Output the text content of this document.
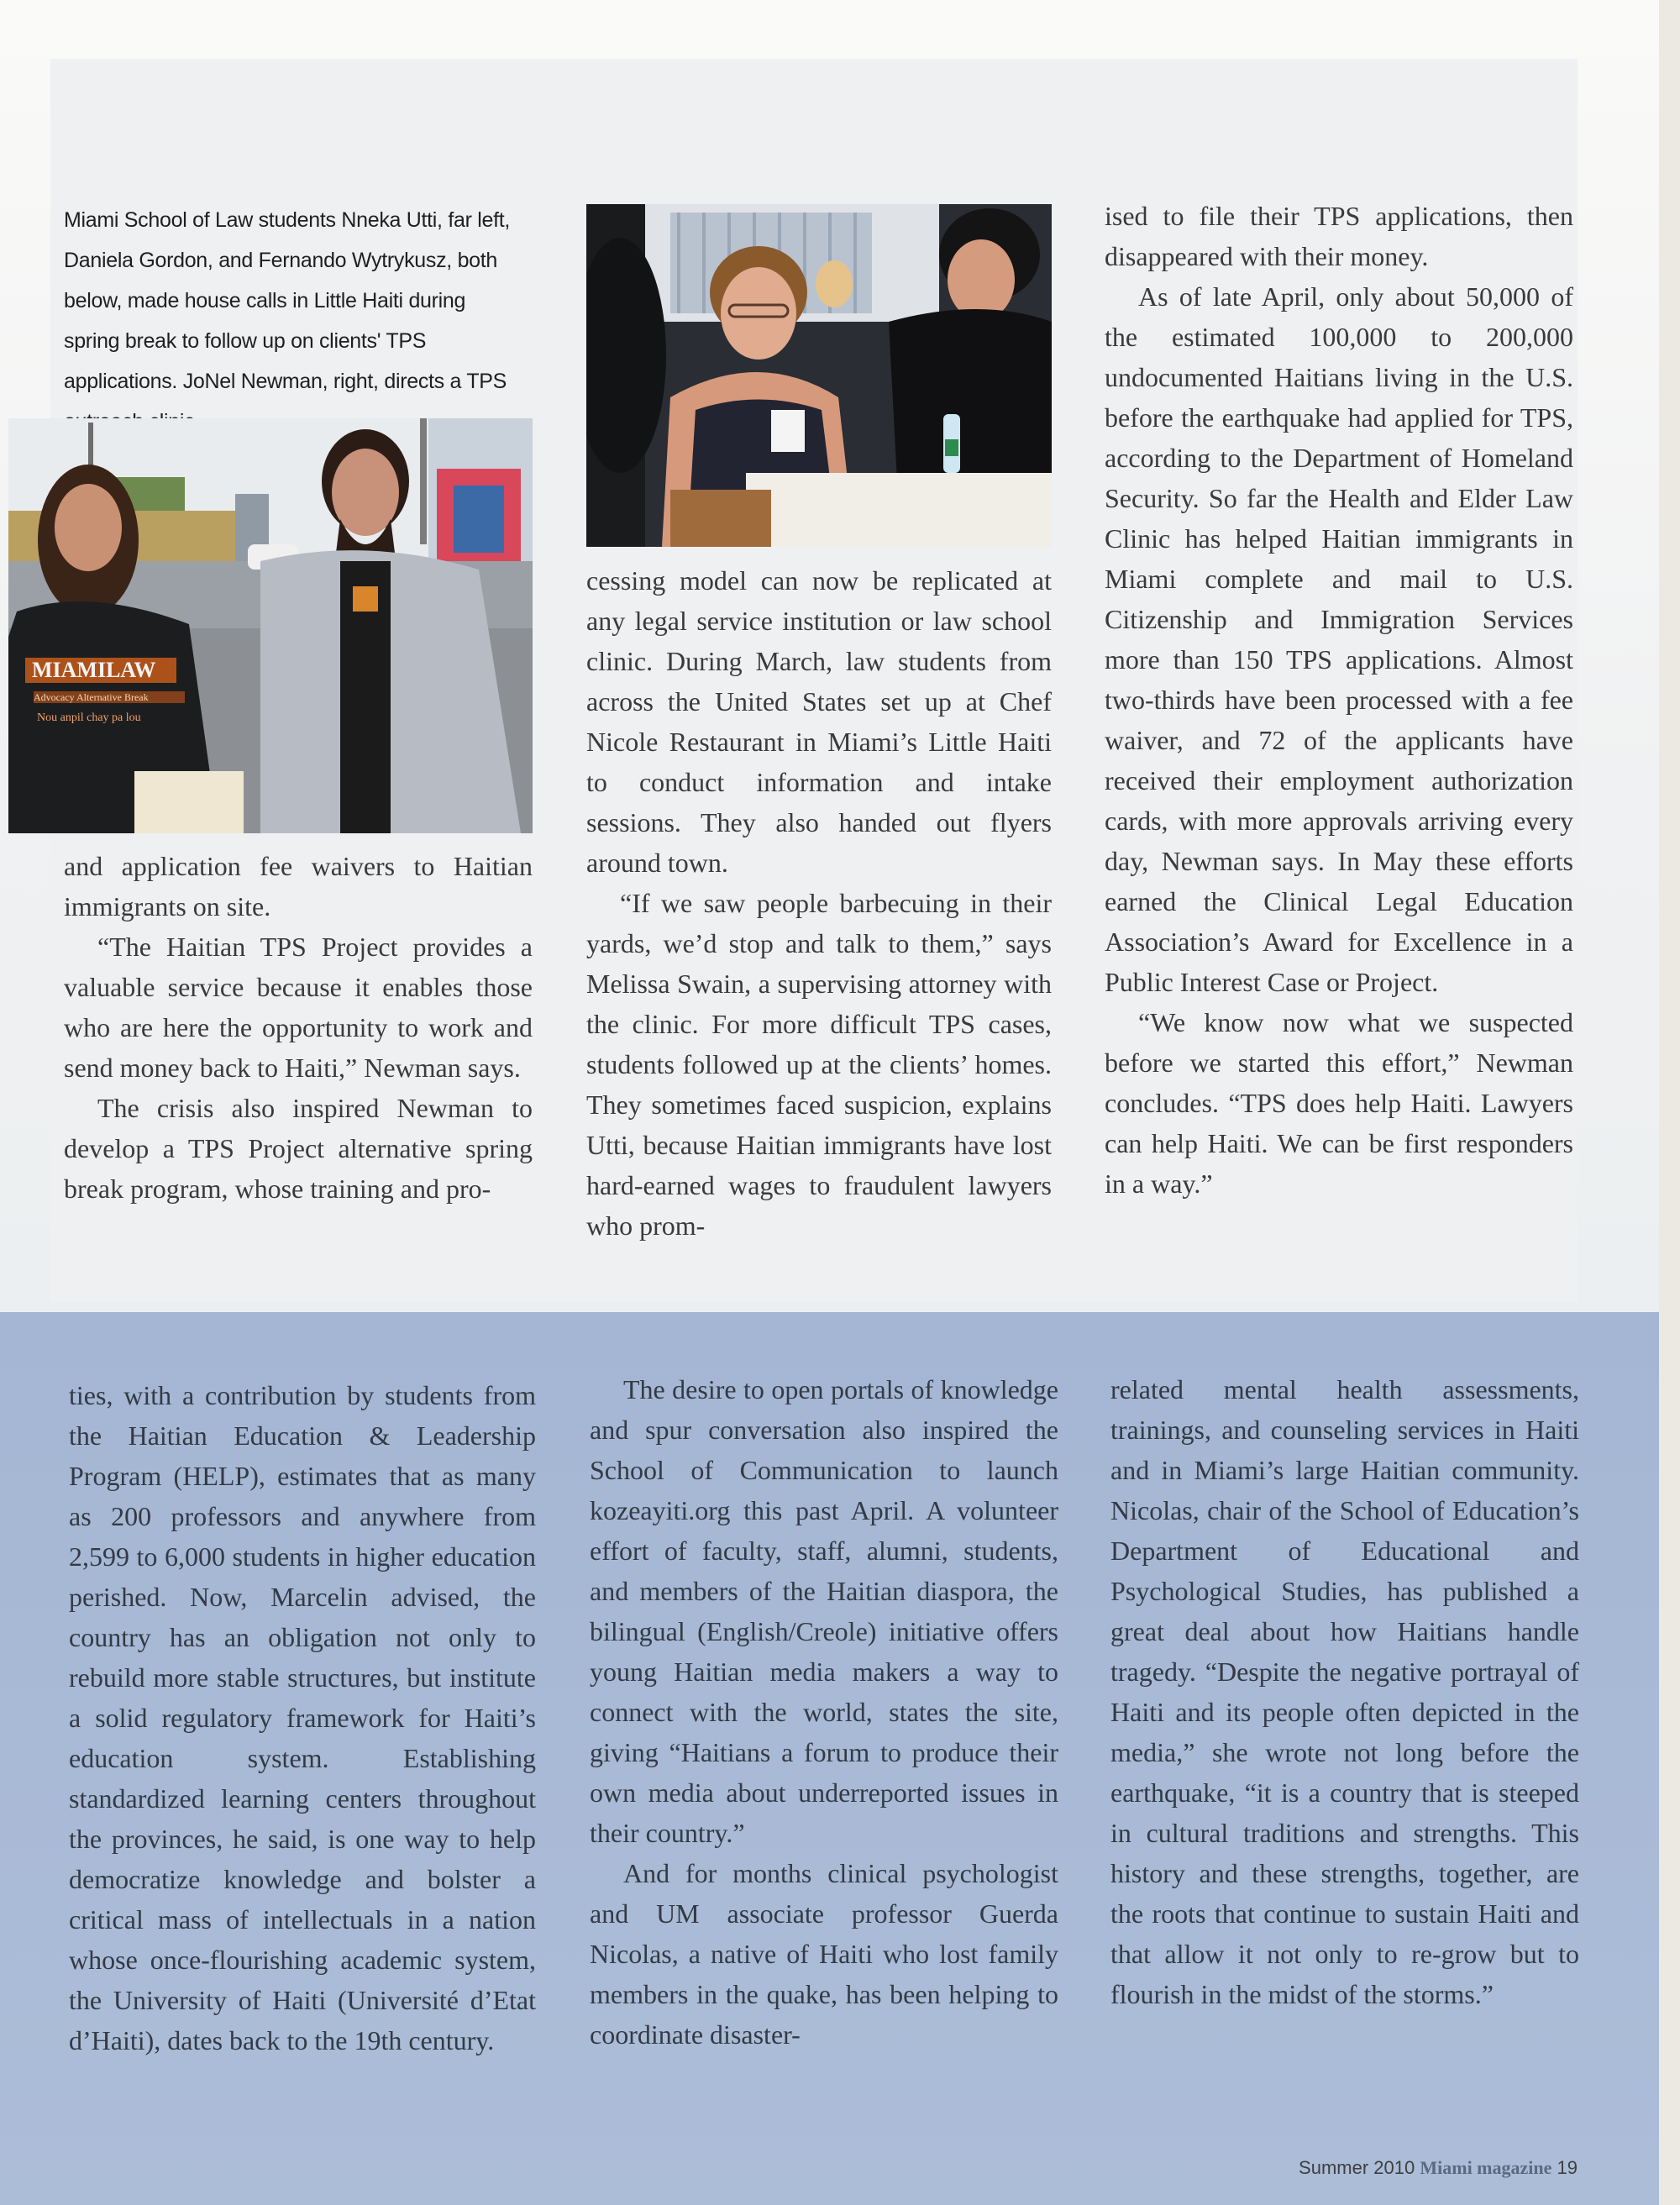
Miami School of Law students Nneka Utti, far left, Daniela Gordon, and Fernando Wytrykusz, both below, made house calls in Little Haiti during spring break to follow up on clients' TPS applications. JoNel Newman, right, directs a TPS
MIAMILAW
Advocacy Alternative Break
Nou anpil chay pa lou

and application fee waivers to Haitian immigrants on site.

“The Haitian TPS Project provides a valuable service because it enables those who are here the opportunity to work and send money back to Haiti,” Newman says.

The crisis also inspired Newman to develop a TPS Project alternative spring break program, whose training and pro-

cessing model can now be replicated at any legal service institution or law school clinic. During March, law students from across the United States set up at Chef Nicole Restaurant in Miami’s Little Haiti to conduct information and intake sessions. They also handed out flyers around town.

“If we saw people barbecuing in their yards, we’d stop and talk to them,” says Melissa Swain, a supervising attorney with the clinic. For more difficult TPS cases, students followed up at the clients’ homes. They sometimes faced suspicion, explains Utti, because Haitian immigrants have lost hard-earned wages to fraudulent lawyers who prom-

ised to file their TPS applications, then disappeared with their money.

As of late April, only about 50,000 of the estimated 100,000 to 200,000 undocumented Haitians living in the U.S. before the earthquake had applied for TPS, according to the Department of Homeland Security. So far the Health and Elder Law Clinic has helped Haitian immigrants in Miami complete and mail to U.S. Citizenship and Immigration Services more than 150 TPS applications. Almost two-thirds have been processed with a fee waiver, and 72 of the applicants have received their employment authorization cards, with more approvals arriving every day, Newman says. In May these efforts earned the Clinical Legal Education Association’s Award for Excellence in a Public Interest Case or Project.

“We know now what we suspected before we started this effort,” Newman concludes. “TPS does help Haiti. Lawyers can help Haiti. We can be first responders in a way.”

ties, with a contribution by students from the Haitian Education & Leadership Program (HELP), estimates that as many as 200 professors and anywhere from 2,599 to 6,000 students in higher education perished. Now, Marcelin advised, the country has an obligation not only to rebuild more stable structures, but institute a solid regulatory framework for Haiti’s education system. Establishing standardized learning centers throughout the provinces, he said, is one way to help democratize knowledge and bolster a critical mass of intellectuals in a nation whose once-flourishing academic system, the University of Haiti (Université d’Etat d’Haiti), dates back to the 19th century.

The desire to open portals of knowledge and spur conversation also inspired the School of Communication to launch kozeayiti.org this past April. A volunteer effort of faculty, staff, alumni, students, and members of the Haitian diaspora, the bilingual (English/Creole) initiative offers young Haitian media makers a way to connect with the world, states the site, giving “Haitians a forum to produce their own media about underreported issues in their country.”

And for months clinical psychologist and UM associate professor Guerda Nicolas, a native of Haiti who lost family members in the quake, has been helping to coordinate disaster-

related mental health assessments, trainings, and counseling services in Haiti and in Miami’s large Haitian community. Nicolas, chair of the School of Education’s Department of Educational and Psychological Studies, has published a great deal about how Haitians handle tragedy. “Despite the negative portrayal of Haiti and its people often depicted in the media,” she wrote not long before the earthquake, “it is a country that is steeped in cultural traditions and strengths. This history and these strengths, together, are the roots that continue to sustain Haiti and that allow it not only to re-grow but to flourish in the midst of the storms.”

Summer 2010 Miami magazine 19
